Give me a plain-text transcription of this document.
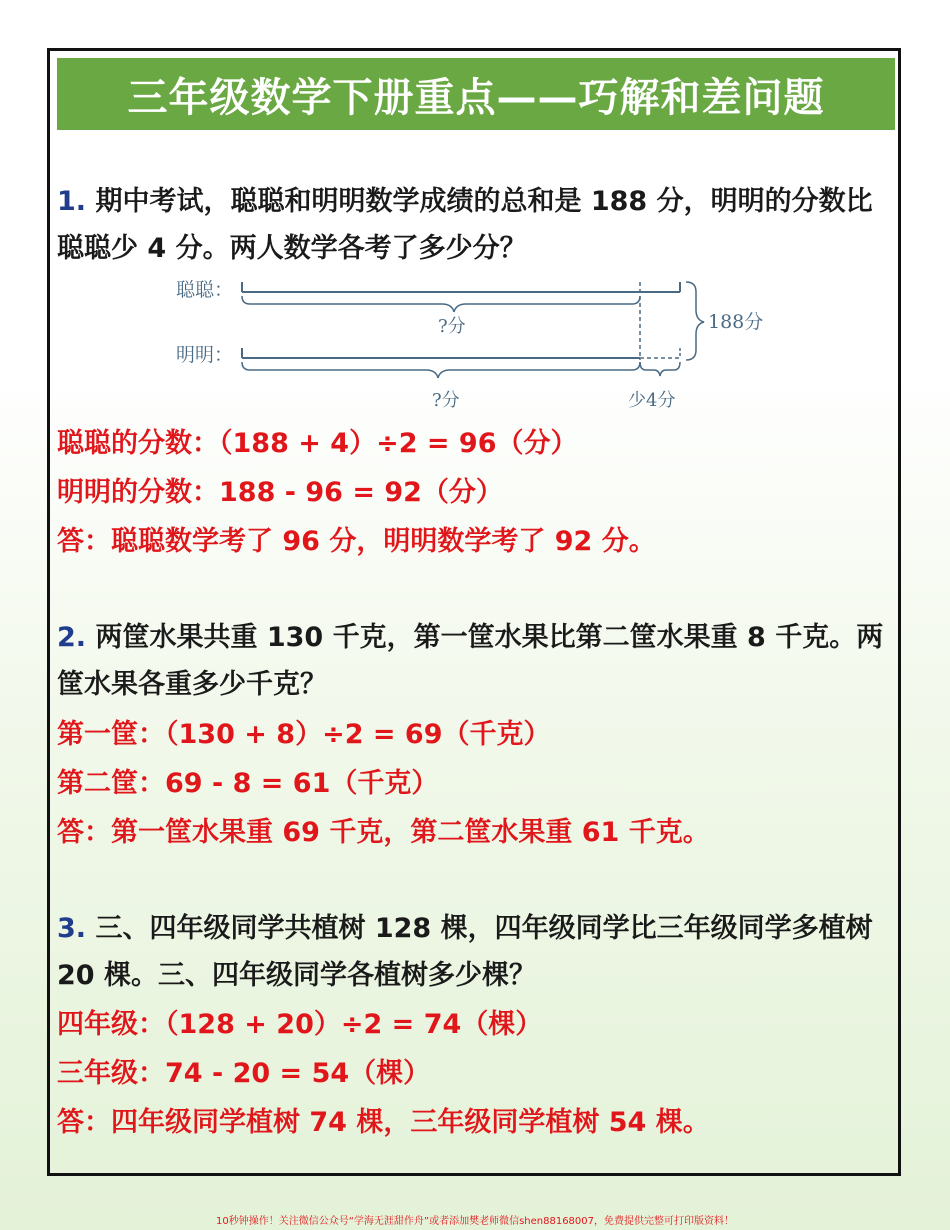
三年级数学下册重点——巧解和差问题
1. 期中考试，聪聪和明明数学成绩的总和是 188 分，明明的分数比聪聪少 4 分。两人数学各考了多少分？
聪聪：
明明：
?分
?分	少4分
188分
聪聪的分数：（188 + 4）÷2 = 96（分）
明明的分数：188 - 96 = 92（分）
答：聪聪数学考了 96 分，明明数学考了 92 分。
2. 两筐水果共重 130 千克，第一筐水果比第二筐水果重 8 千克。两筐水果各重多少千克？
第一筐：（130 + 8）÷2 = 69（千克）
第二筐：69 - 8 = 61（千克）
答：第一筐水果重 69 千克，第二筐水果重 61 千克。
3. 三、四年级同学共植树 128 棵，四年级同学比三年级同学多植树 20 棵。三、四年级同学各植树多少棵？
四年级：（128 + 20）÷2 = 74（棵）
三年级：74 - 20 = 54（棵）
答：四年级同学植树 74 棵，三年级同学植树 54 棵。
10秒钟操作！关注微信公众号“学海无涯甜作舟”或者添加樊老师微信shen88168007，免费提供完整可打印版资料！
